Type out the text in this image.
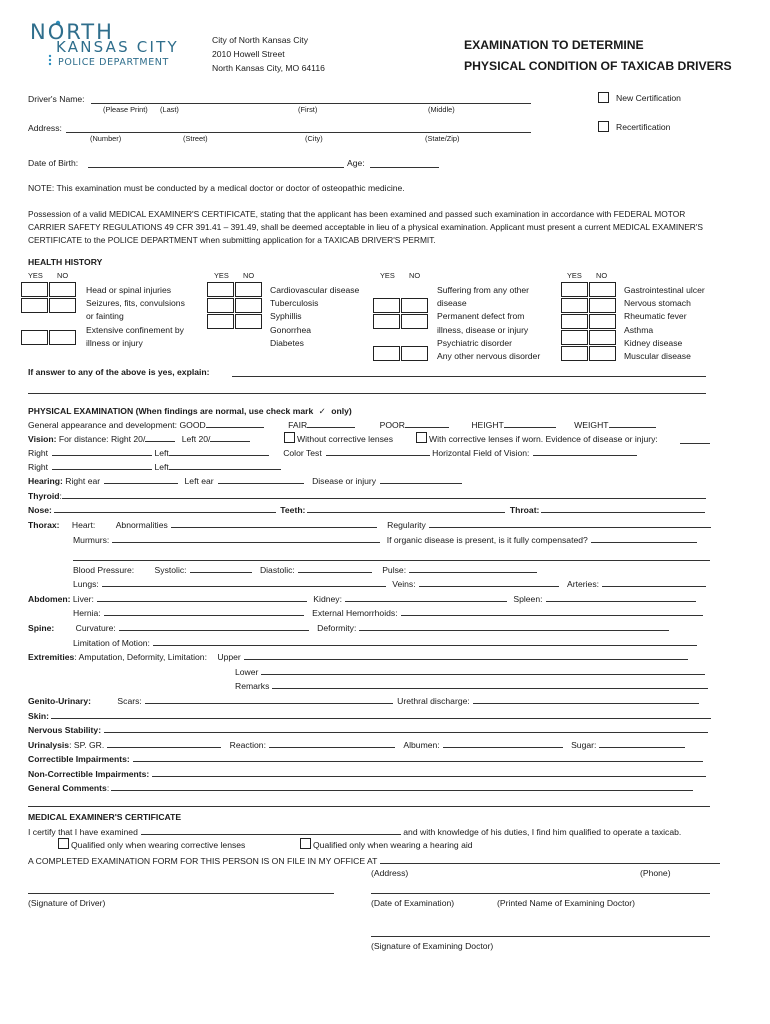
NORTH
KANSAS CITY
POLICE DEPARTMENT
City of North Kansas City
2010 Howell Street
North Kansas City, MO 64116
EXAMINATION TO DETERMINE
PHYSICAL CONDITION OF TAXICAB DRIVERS
Driver's Name:
(Please Print) (Last)	(First)	(Middle)
New Certification
Address:
(Number)	(Street)	(City)	(State/Zip)
Recertification
Date of Birth:	Age:
NOTE: This examination must be conducted by a medical doctor or doctor of osteopathic medicine.
Possession of a valid MEDICAL EXAMINER'S CERTIFICATE, stating that the applicant has been examined and passed such examination in accordance with FEDERAL MOTOR
CARRIER SAFETY REGULATIONS 49 CFR 391.41 – 391.49, shall be deemed acceptable in lieu of a physical examination. Applicant must present a current MEDICAL EXAMINER'S
CERTIFICATE to the POLICE DEPARTMENT when submitting application for a TAXICAB DRIVER'S PERMIT.
HEALTH HISTORY
YES NO
Head or spinal injuries
Seizures, fits, convulsions
or fainting
Extensive confinement by
illness or injury
YES NO
Cardiovascular disease
Tuberculosis
Syphillis
Gonorrhea
Diabetes
YES NO
Suffering from any other
disease
Permanent defect from
illness, disease or injury
Psychiatric disorder
Any other nervous disorder
YES NO
Gastrointestinal ulcer
Nervous stomach
Rheumatic fever
Asthma
Kidney disease
Muscular disease
If answer to any of the above is yes, explain:
PHYSICAL EXAMINATION (When findings are normal, use check mark ✓ only)
General appearance and development: GOOD	FAIR	POOR	HEIGHT	WEIGHT
Vision: For distance: Right 20/	Left 20/	Without corrective lenses	With corrective lenses if worn. Evidence of disease or injury:
Right	Left	Color Test	Horizontal Field of Vision:
Right	Left
Hearing: Right ear	Left ear	Disease or injury
Thyroid:
Nose:	Teeth:	Throat:
Thorax: Heart: Abnormalities	Regularity
Murmurs:	If organic disease is present, is it fully compensated?
Blood Pressure: Systolic:	Diastolic:	Pulse:
Lungs:	Veins:	Arteries:
Abdomen: Liver:	Kidney:	Spleen:
Hernia:	External Hemorrhoids:
Spine: Curvature:	Deformity:
Limitation of Motion:
Extremities: Amputation, Deformity, Limitation: Upper
Lower
Remarks
Genito-Urinary:	Scars:	Urethral discharge:
Skin:
Nervous Stability:
Urinalysis: SP. GR.	Reaction:	Albumen:	Sugar:
Correctible Impairments:
Non-Correctible Impairments:
General Comments:
MEDICAL EXAMINER'S CERTIFICATE
I certify that I have examined	and with knowledge of his duties, I find him qualified to operate a taxicab.
Qualified only when wearing corrective lenses	Qualified only when wearing a hearing aid
A COMPLETED EXAMINATION FORM FOR THIS PERSON IS ON FILE IN MY OFFICE AT
(Address)	(Phone)
(Signature of Driver)	(Date of Examination)	(Printed Name of Examining Doctor)
(Signature of Examining Doctor)
